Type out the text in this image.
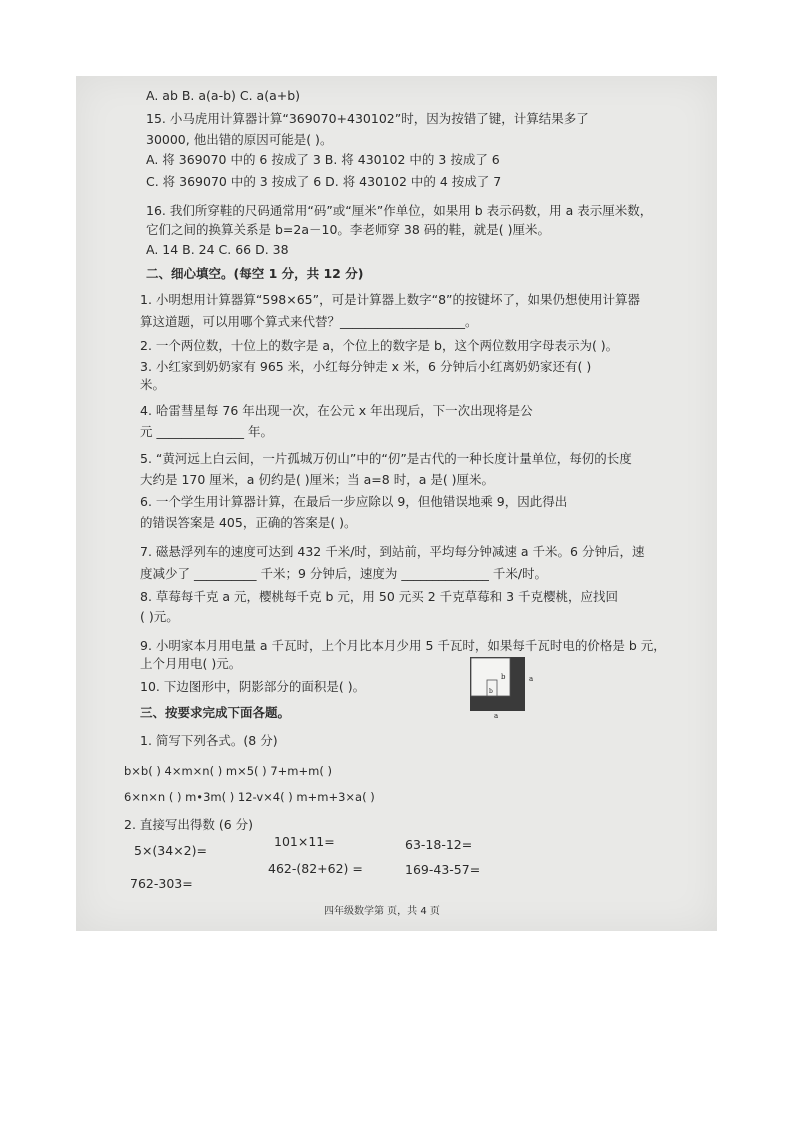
A. ab B. a(a-b) C. a(a+b)
15. 小马虎用计算器计算“369070+430102”时，因为按错了键，计算结果多了
30000, 他出错的原因可能是( )。
A. 将 369070 中的 6 按成了 3 B. 将 430102 中的 3 按成了 6
C. 将 369070 中的 3 按成了 6 D. 将 430102 中的 4 按成了 7
16. 我们所穿鞋的尺码通常用“码”或“厘米”作单位，如果用 b 表示码数，用 a 表示厘米数，
它们之间的换算关系是 b=2a－10。李老师穿 38 码的鞋，就是( )厘米。
A. 14 B. 24 C. 66 D. 38
二、细心填空。(每空 1 分，共 12 分)
1. 小明想用计算器算“598×65”，可是计算器上数字“8”的按键坏了，如果仍想使用计算器
算这道题，可以用哪个算式来代替？____________________。
2. 一个两位数，十位上的数字是 a，个位上的数字是 b，这个两位数用字母表示为( )。
3. 小红家到奶奶家有 965 米，小红每分钟走 x 米，6 分钟后小红离奶奶家还有( )
米。
4. 哈雷彗星每 76 年出现一次，在公元 x 年出现后，下一次出现将是公
元 ______________ 年。
5. “黄河远上白云间，一片孤城万仞山”中的“仞”是古代的一种长度计量单位，每仞的长度
大约是 170 厘米，a 仞约是( )厘米；当 a=8 时，a 是( )厘米。
6. 一个学生用计算器计算，在最后一步应除以 9，但他错误地乘 9，因此得出
的错误答案是 405，正确的答案是( )。
7. 磁悬浮列车的速度可达到 432 千米/时，到站前，平均每分钟减速 a 千米。6 分钟后，速
度减少了 __________ 千米；9 分钟后，速度为 ______________ 千米/时。
8. 草莓每千克 a 元，樱桃每千克 b 元，用 50 元买 2 千克草莓和 3 千克樱桃，应找回
( )元。
9. 小明家本月用电量 a 千瓦时，上个月比本月少用 5 千瓦时，如果每千瓦时电的价格是 b 元，
上个月用电( )元。
10. 下边图形中，阴影部分的面积是( )。	a
b
b
a
三、按要求完成下面各题。
1. 简写下列各式。(8 分)
b×b( ) 4×m×n( ) m×5( ) 7+m+m( )
6×n×n ( ) m•3m( ) 12-v×4( ) m+m+3×a( )
2. 直接写出得数 (6 分)
5×(34×2)=
101×11=	63-18-12=
462-(82+62) =	169-43-57=
762-303=
四年级数学第 页，共 4 页
